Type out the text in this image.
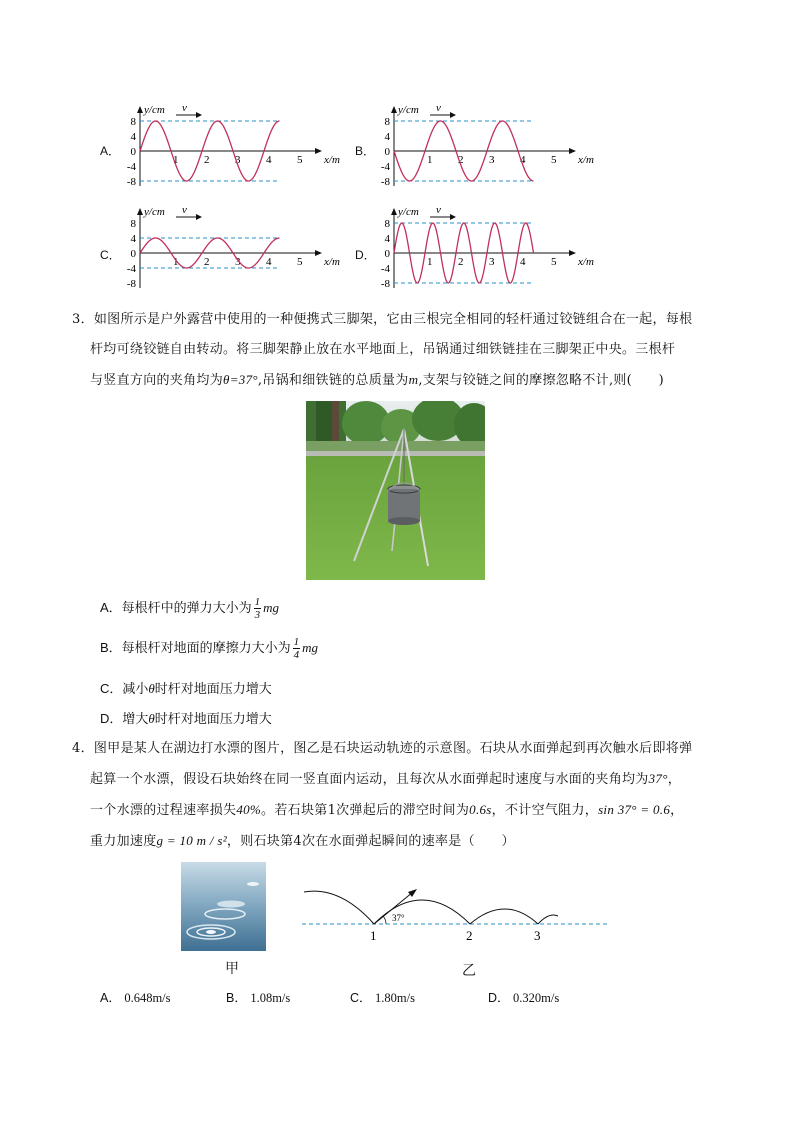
A．
y/cm v
x/m
8
4
0
-4
-8
1 2 3 4 5
B．
y/cm v
x/m
8
4
0
-4
-8
1 2 3 4 5
C．
y/cm v
x/m
8
4
0
-4
-8
1 2 3 4 5	D．
y/cm v
x/m
8
4
0
-4
-8
1 2 3 4 5

3．如图所示是户外露营中使用的一种便携式三脚架，它由三根完全相同的轻杆通过铰链组合在一起，每根

杆均可绕铰链自由转动。将三脚架静止放在水平地面上，吊锅通过细铁链挂在三脚架正中央。三根杆

与竖直方向的夹角均为θ=37°,吊锅和细铁链的总质量为m,支架与铰链之间的摩擦忽略不计,则(　　)

A．每根杆中的弹力大小为 $\frac{1}{3}$ mg
B．每根杆对地面的摩擦力大小为 $\frac{1}{4}$ mg
C．减小θ时杆对地面压力增大
D．增大θ时杆对地面压力增大

4．图甲是某人在湖边打水漂的图片，图乙是石块运动轨迹的示意图。石块从水面弹起到再次触水后即将弹

起算一个水漂，假设石块始终在同一竖直面内运动，且每次从水面弹起时速度与水面的夹角均为37°，

一个水漂的过程速率损失40%。若石块第1次弹起后的滞空时间为0.6s，不计空气阻力，sin 37° = 0.6，

重力加速度g = 10 m / s²，则石块第4次在水面弹起瞬间的速率是（　　）

37°
1	2	3
甲	乙
A． 0.648m/s	B． 1.08m/s	C． 1.80m/s	D． 0.320m/s
